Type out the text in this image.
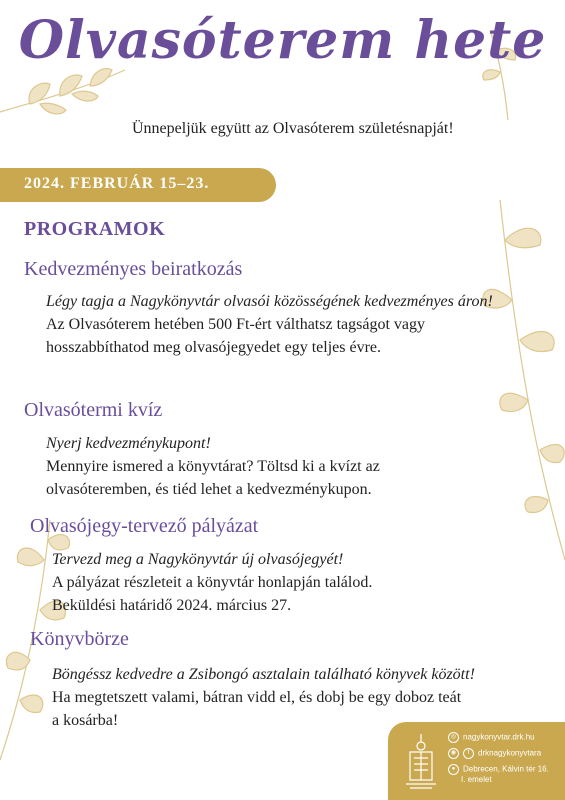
Olvasóterem hete
Ünnepeljük együtt az Olvasóterem születésnapját!
2024. FEBRUÁR 15–23.
PROGRAMOK
Kedvezményes beiratkozás
Légy tagja a Nagykönyvtár olvasói közösségének kedvezményes áron!
Az Olvasóterem hetében 500 Ft-ért válthatsz tagságot vagy hosszabbíthatod meg olvasójegyedet egy teljes évre.
Olvasótermi kvíz
Nyerj kedvezménykupont!
Mennyire ismered a könyvtárat? Töltsd ki a kvízt az olvasóteremben, és tiéd lehet a kedvezménykupon.
Olvasójegy-tervező pályázat
Tervezd meg a Nagykönyvtár új olvasójegyét!
A pályázat részleteit a könyvtár honlapján találod.
Beküldési határidő 2024. március 27.
Könyvbörze
Böngéssz kedvedre a Zsibongó asztalain található könyvek között!
Ha megtetszett valami, bátran vidd el, és dobj be egy doboz teát a kosárba!
◎ nagykonyvtar.drk.hu
◉ f drknagykonyvtara
● Debrecen, Kálvin tér 16.
I. emelet
